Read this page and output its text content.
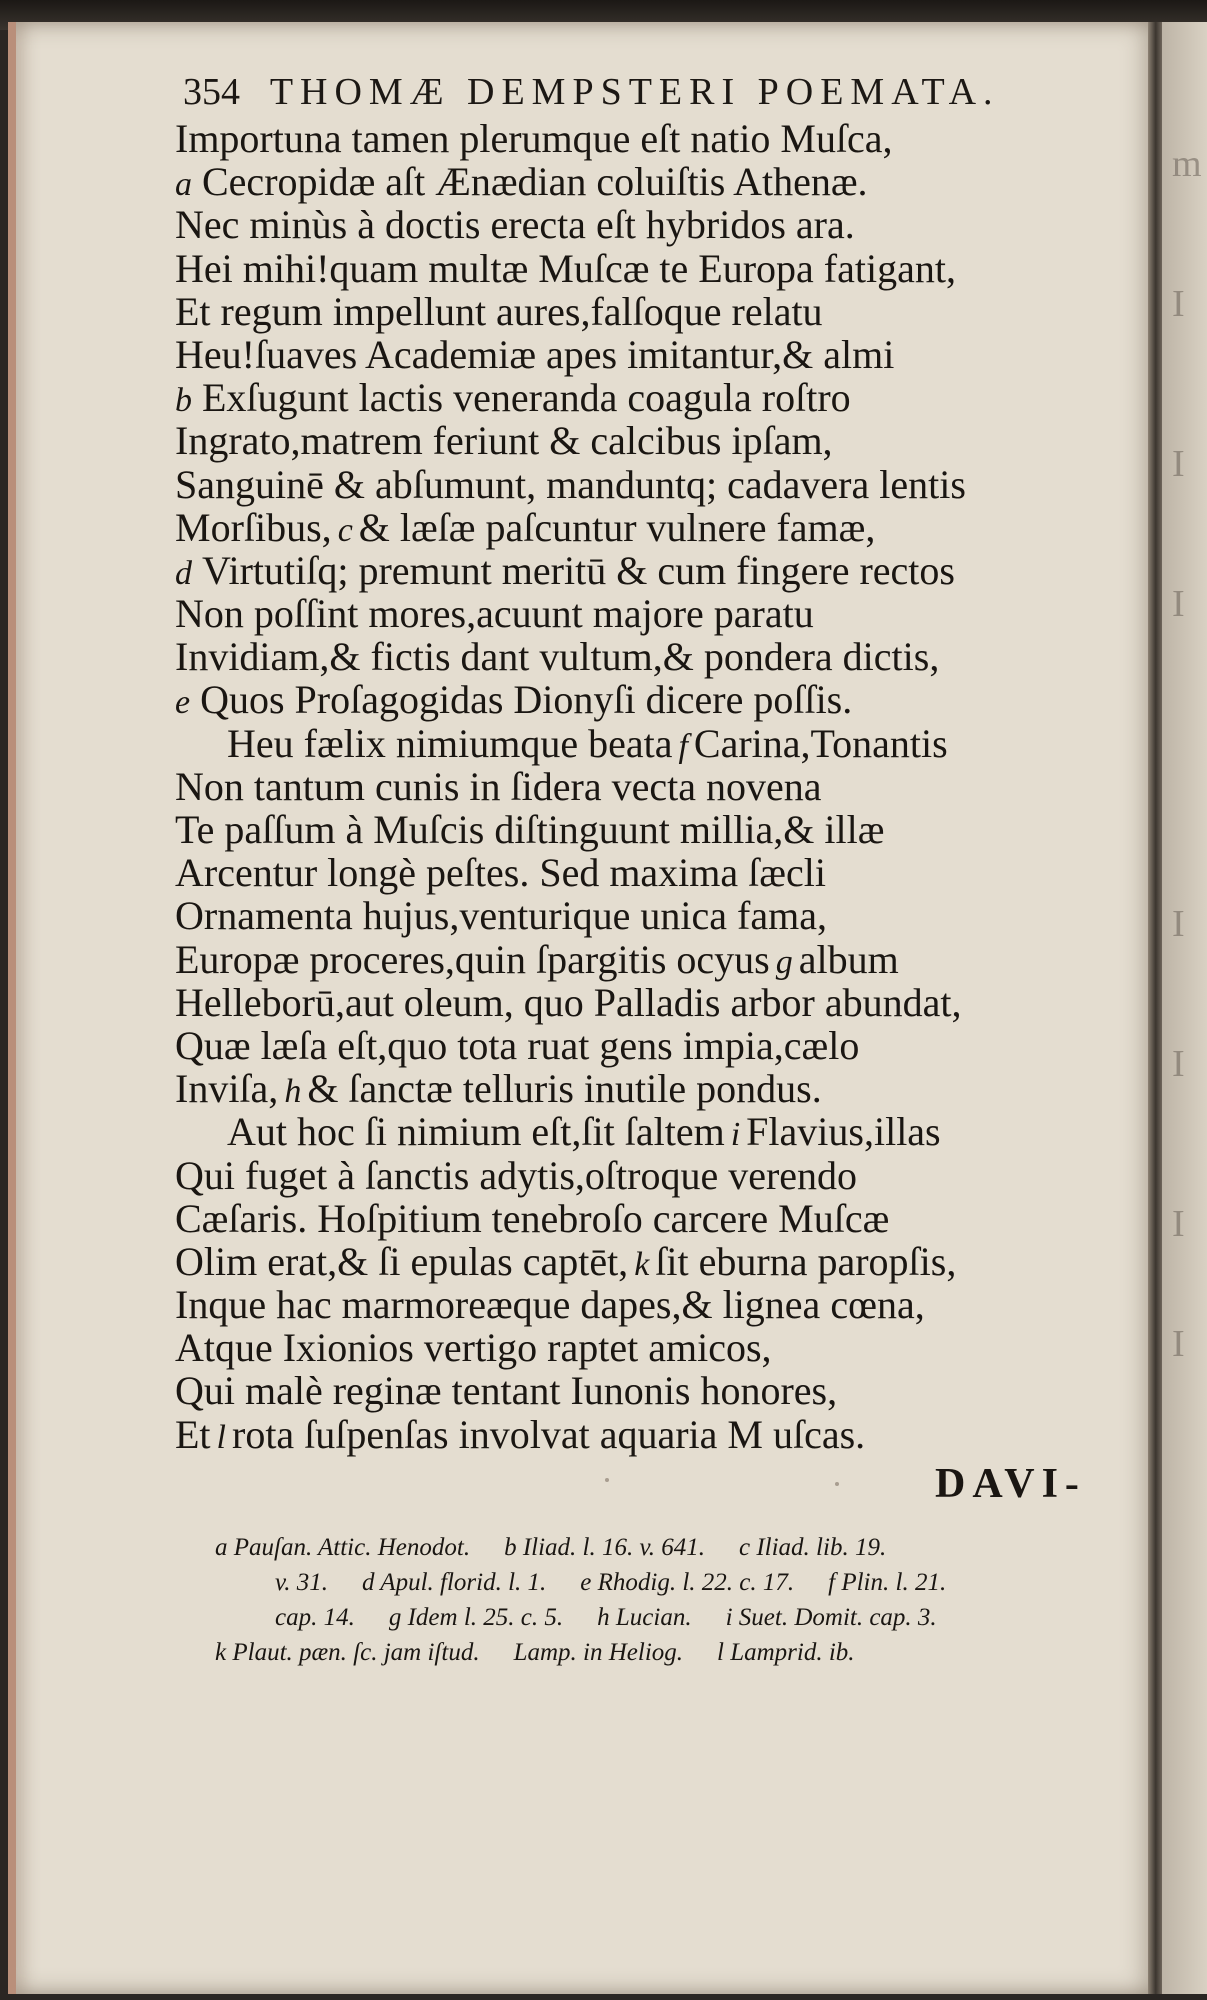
m
I
I
I
I
I
I
I
354 THOMÆ DEMPSTERI POEMATA.
Importuna tamen plerumque eſt natio Muſca,
a Cecropidæ aſt Ænædian coluiſtis Athenæ.
Nec minùs à doctis erecta eſt hybridos ara.
Hei mihi!quam multæ Muſcæ te Europa fatigant,
Et regum impellunt aures,falſoque relatu
Heu!ſuaves Academiæ apes imitantur,& almi
b Exſugunt lactis veneranda coagula roſtro
Ingrato,matrem feriunt & calcibus ipſam,
Sanguinē & abſumunt, manduntq; cadavera lentis
Morſibus, c & læſæ paſcuntur vulnere famæ,
d Virtutiſq; premunt meritū & cum fingere rectos
Non poſſint mores,acuunt majore paratu
Invidiam,& fictis dant vultum,& pondera dictis,
e Quos Proſagogidas Dionyſi dicere poſſis.
Heu fælix nimiumque beata f Carina,Tonantis
Non tantum cunis in ſidera vecta novena
Te paſſum à Muſcis diſtinguunt millia,& illæ
Arcentur longè peſtes. Sed maxima ſæcli
Ornamenta hujus,venturique unica fama,
Europæ proceres,quin ſpargitis ocyus g album
Helleborū,aut oleum, quo Palladis arbor abundat,
Quæ læſa eſt,quo tota ruat gens impia,cælo
Inviſa, h & ſanctæ telluris inutile pondus.
Aut hoc ſi nimium eſt,ſit ſaltem i Flavius,illas
Qui fuget à ſanctis adytis,oſtroque verendo
Cæſaris. Hoſpitium tenebroſo carcere Muſcæ
Olim erat,& ſi epulas captēt, k ſit eburna paropſis,
Inque hac marmoreæque dapes,& lignea cœna,
Atque Ixionios vertigo raptet amicos,
Qui malè reginæ tentant Iunonis honores,
Et l rota ſuſpenſas involvat aquaria M uſcas.
DAVI-
a Pauſan. Attic. Henodot. b Iliad. l. 16. v. 641. c Iliad. lib. 19.
v. 31. d Apul. florid. l. 1. e Rhodig. l. 22. c. 17. f Plin. l. 21.
cap. 14. g Idem l. 25. c. 5. h Lucian. i Suet. Domit. cap. 3.
k Plaut. pæn. ſc. jam iſtud. Lamp. in Heliog. l Lamprid. ib.
